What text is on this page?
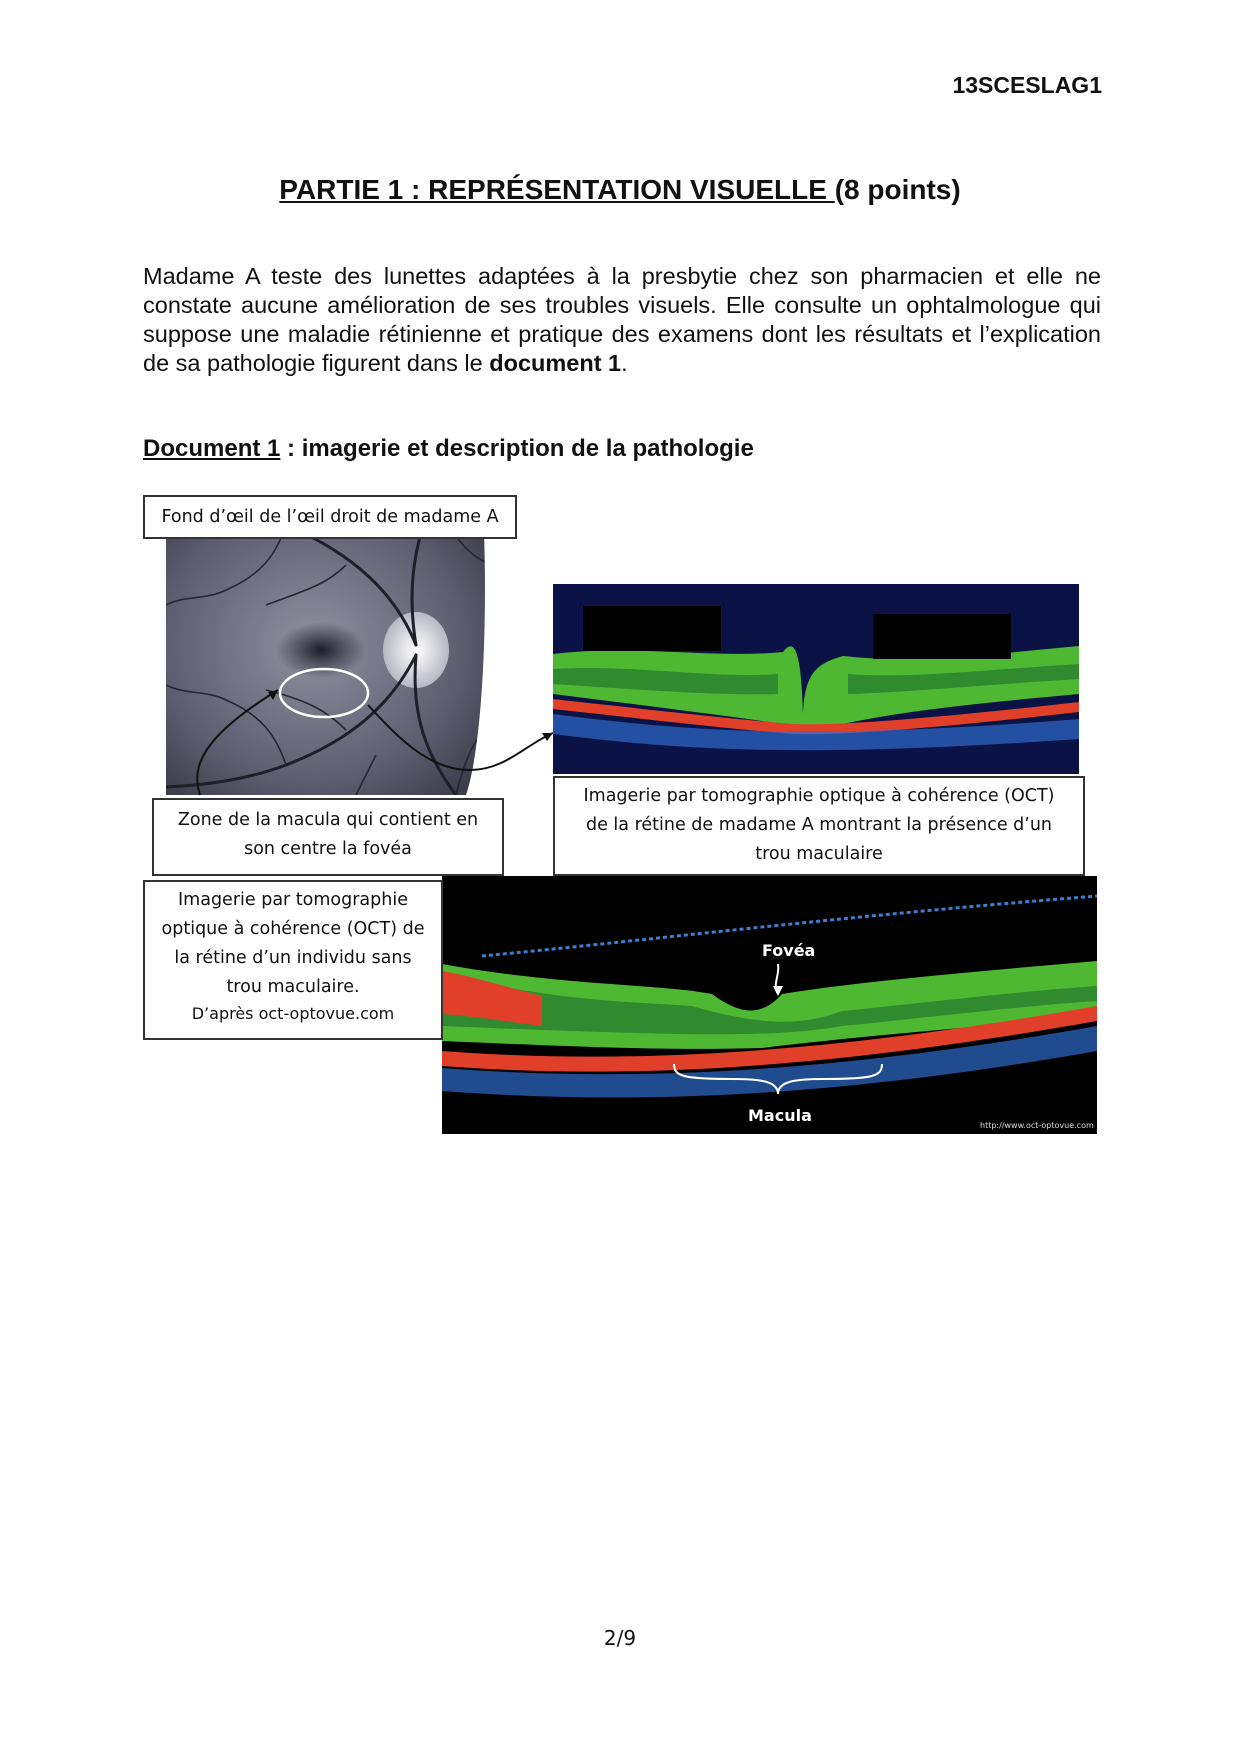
13SCESLAG1
PARTIE 1 : REPRÉSENTATION VISUELLE (8 points)
Madame A teste des lunettes adaptées à la presbytie chez son pharmacien et elle ne constate aucune amélioration de ses troubles visuels. Elle consulte un ophtalmologue qui suppose une maladie rétinienne et pratique des examens dont les résultats et l’explication de sa pathologie figurent dans le document 1.
Document 1 : imagerie et description de la pathologie
Fovéa
Macula
http://www.oct-optovue.com
Fond d’œil de l’œil droit de madame A
Zone de la macula qui contient en son centre la fovéa
Imagerie par tomographie optique à cohérence (OCT) de la rétine de madame A montrant la présence d’un trou maculaire
Imagerie par tomographie optique à cohérence (OCT) de la rétine d’un individu sans trou maculaire.
D’après oct-optovue.com
2/9
